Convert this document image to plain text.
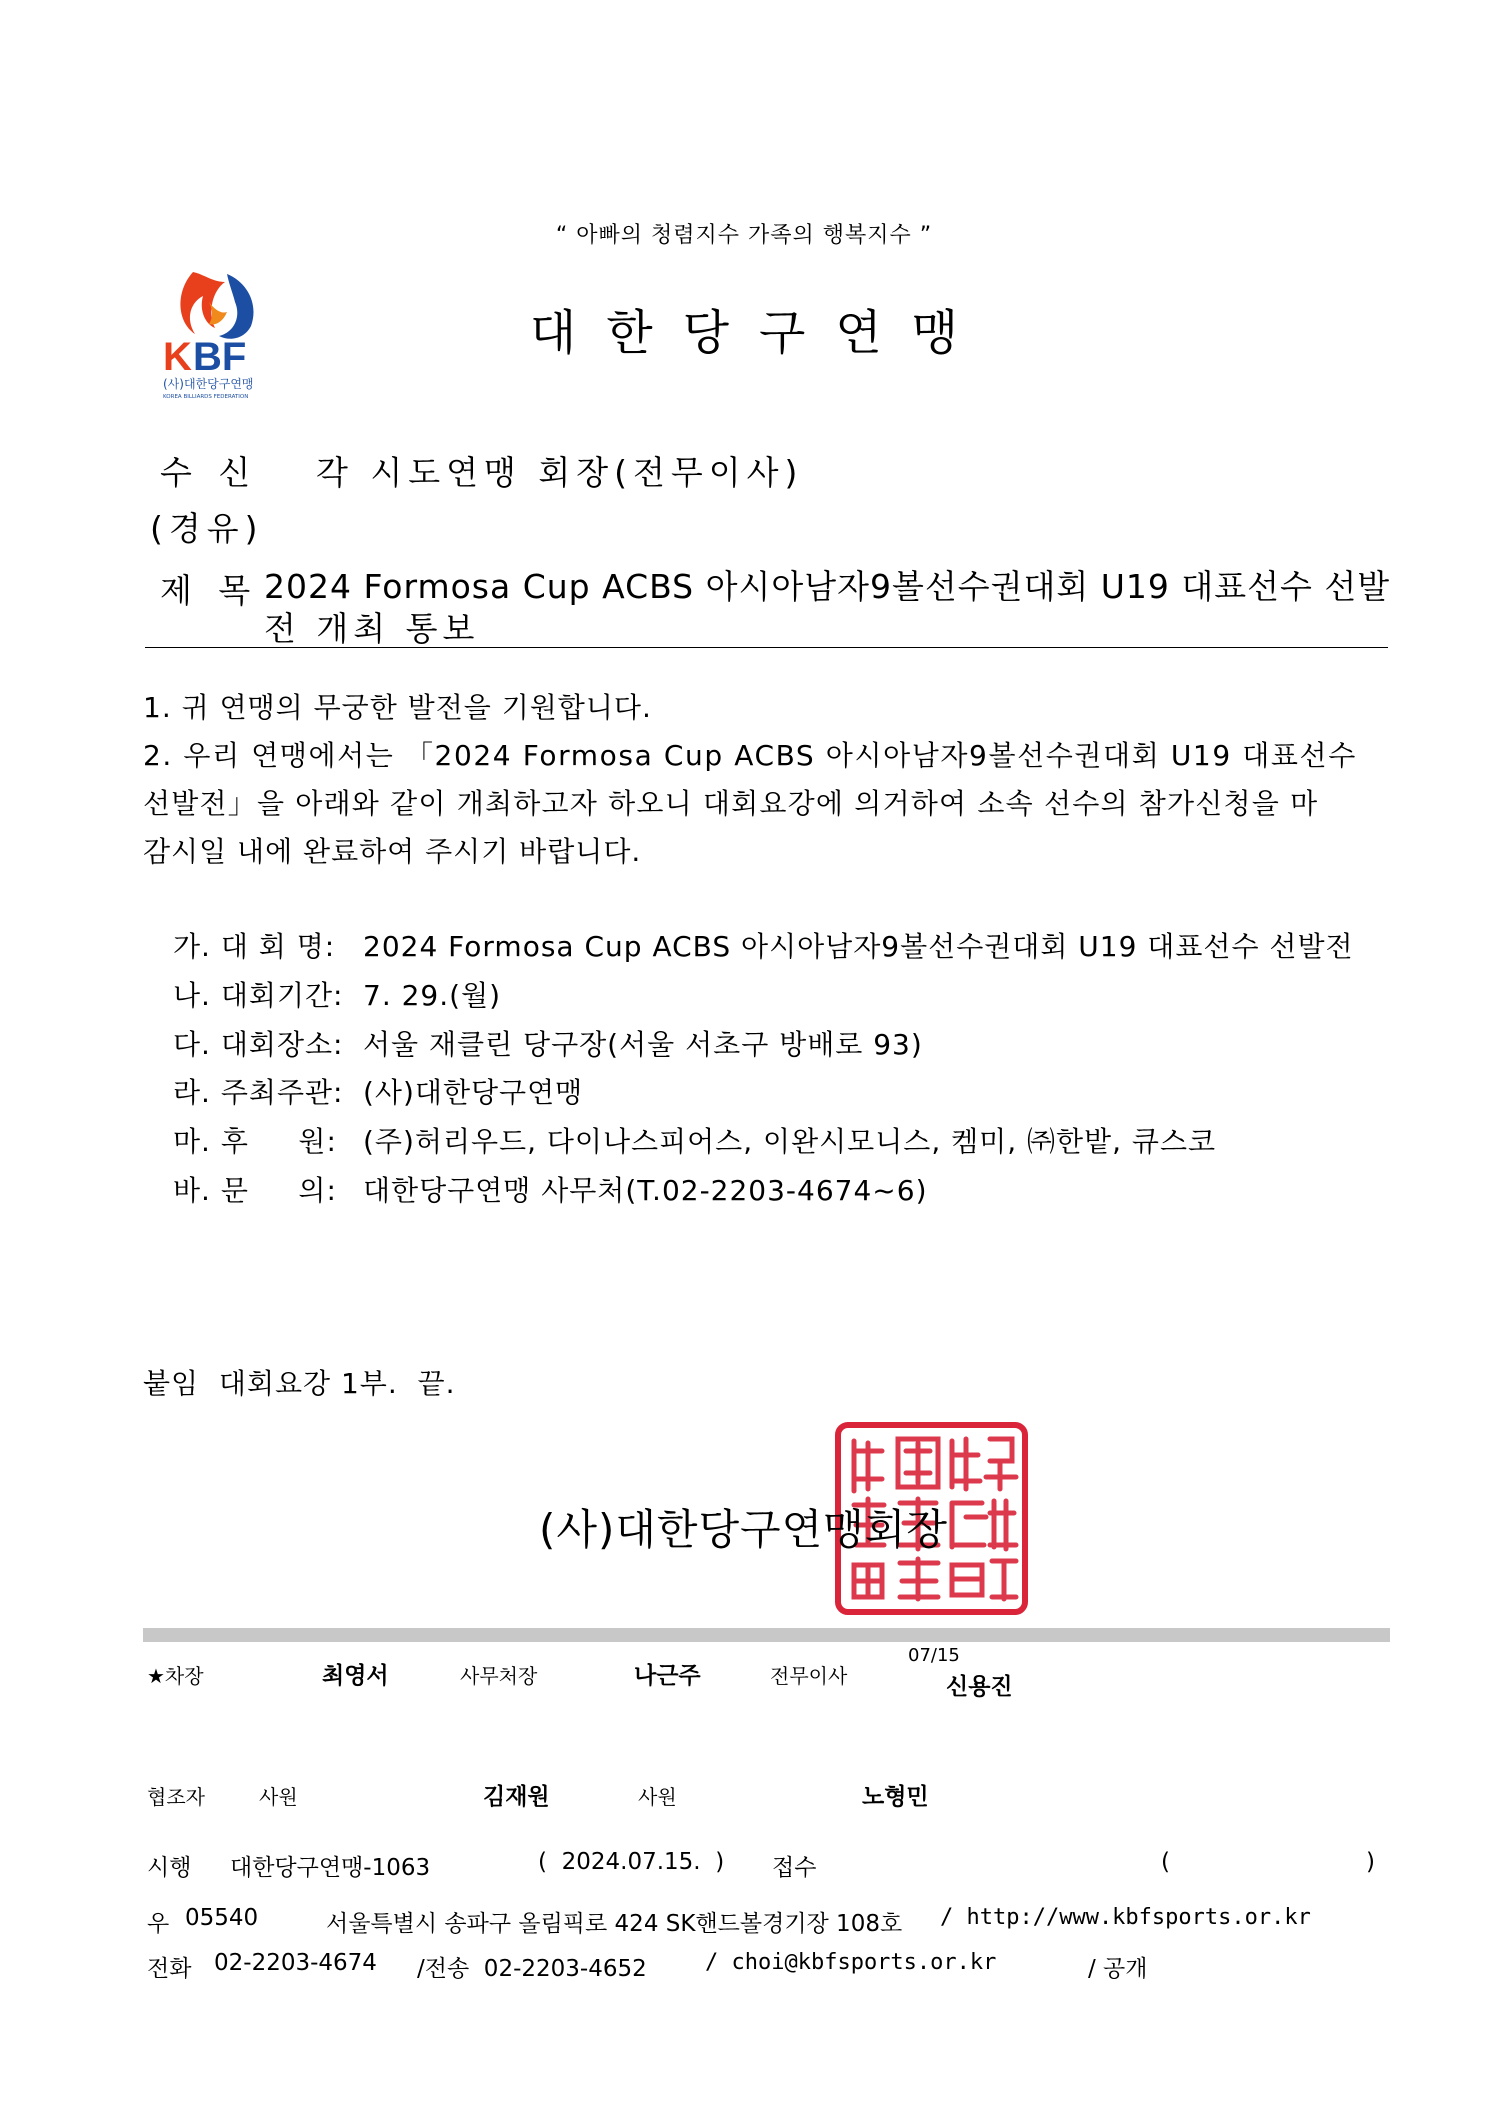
“ 아빠의 청렴지수 가족의 행복지수 ”
K BF
(사)대한당구연맹
KOREA BILLIARDS FEDERATION
대한당구연맹
수 신 각 시도연맹 회장(전무이사)
(경유)
제 목 2024 Formosa Cup ACBS 아시아남자9볼선수권대회 U19 대표선수 선발
전 개최 통보
1. 귀 연맹의 무궁한 발전을 기원합니다.
2. 우리 연맹에서는 「2024 Formosa Cup ACBS 아시아남자9볼선수권대회 U19 대표선수
선발전」을 아래와 같이 개최하고자 하오니 대회요강에 의거하여 소속 선수의 참가신청을 마
감시일 내에 완료하여 주시기 바랍니다.
가. 대 회 명: 2024 Formosa Cup ACBS 아시아남자9볼선수권대회 U19 대표선수 선발전
나. 대회기간: 7. 29.(월)
다. 대회장소: 서울 재클린 당구장(서울 서초구 방배로 93)
라. 주최주관: (사)대한당구연맹
마. 후     원: (주)허리우드, 다이나스피어스, 이완시모니스, 켐미, ㈜한밭, 큐스코
바. 문     의: 대한당구연맹 사무처(T.02-2203-4674~6)
붙임  대회요강 1부.  끝.
(사)대한당구연맹회장
★차장	최영서	사무처장	나근주	전무이사
07/15
신용진
협조자	사원	김재원	사원	노형민
시행 대한당구연맹-1063	(  2024.07.15.  ) 접수	(	)
우 05540	서울특별시 송파구 올림픽로 424 SK핸드볼경기장 108호 / http://www.kbfsports.or.kr
전화 02-2203-4674 /전송  02-2203-4652	/ choi@kbfsports.or.kr	/ 공개
